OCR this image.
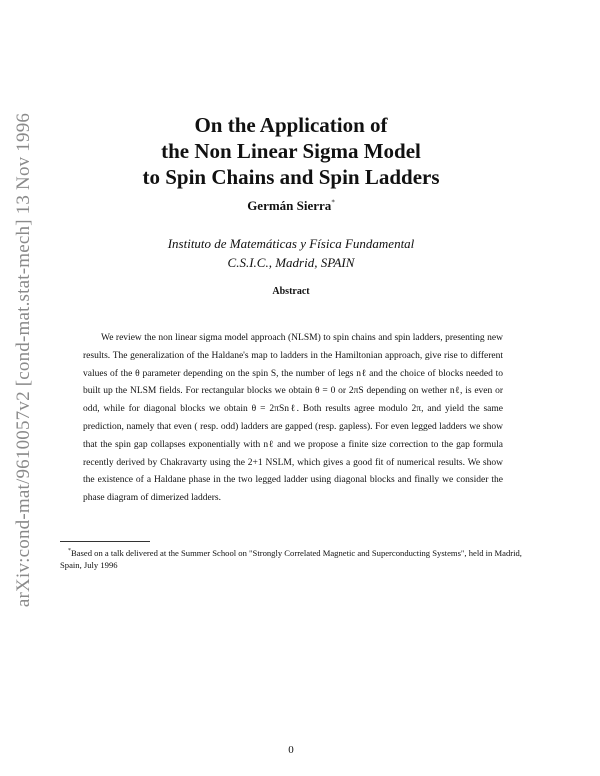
arXiv:cond-mat/9610057v2 [cond-mat.stat-mech] 13 Nov 1996	On the Application of
the Non Linear Sigma Model
to Spin Chains and Spin Ladders
Germán Sierra*
Instituto de Matemáticas y Física Fundamental
C.S.I.C., Madrid, SPAIN
Abstract

We review the non linear sigma model approach (NLSM) to spin chains and spin ladders, presenting new results. The generalization of the Haldane's map to ladders in the Hamiltonian approach, give rise to different values of the θ parameter depending on the spin S, the number of legs nℓ and the choice of blocks needed to built up the NLSM fields. For rectangular blocks we obtain θ = 0 or 2πS depending on wether nℓ, is even or odd, while for diagonal blocks we obtain θ = 2πSnℓ. Both results agree modulo 2π, and yield the same prediction, namely that even ( resp. odd) ladders are gapped (resp. gapless). For even legged ladders we show that the spin gap collapses exponentially with nℓ and we propose a finite size correction to the gap formula recently derived by Chakravarty using the 2+1 NSLM, which gives a good fit of numerical results. We show the existence of a Haldane phase in the two legged ladder using diagonal blocks and finally we consider the phase diagram of dimerized ladders.

*Based on a talk delivered at the Summer School on "Strongly Correlated Magnetic and Superconducting Systems", held in Madrid, Spain, July 1996

0
